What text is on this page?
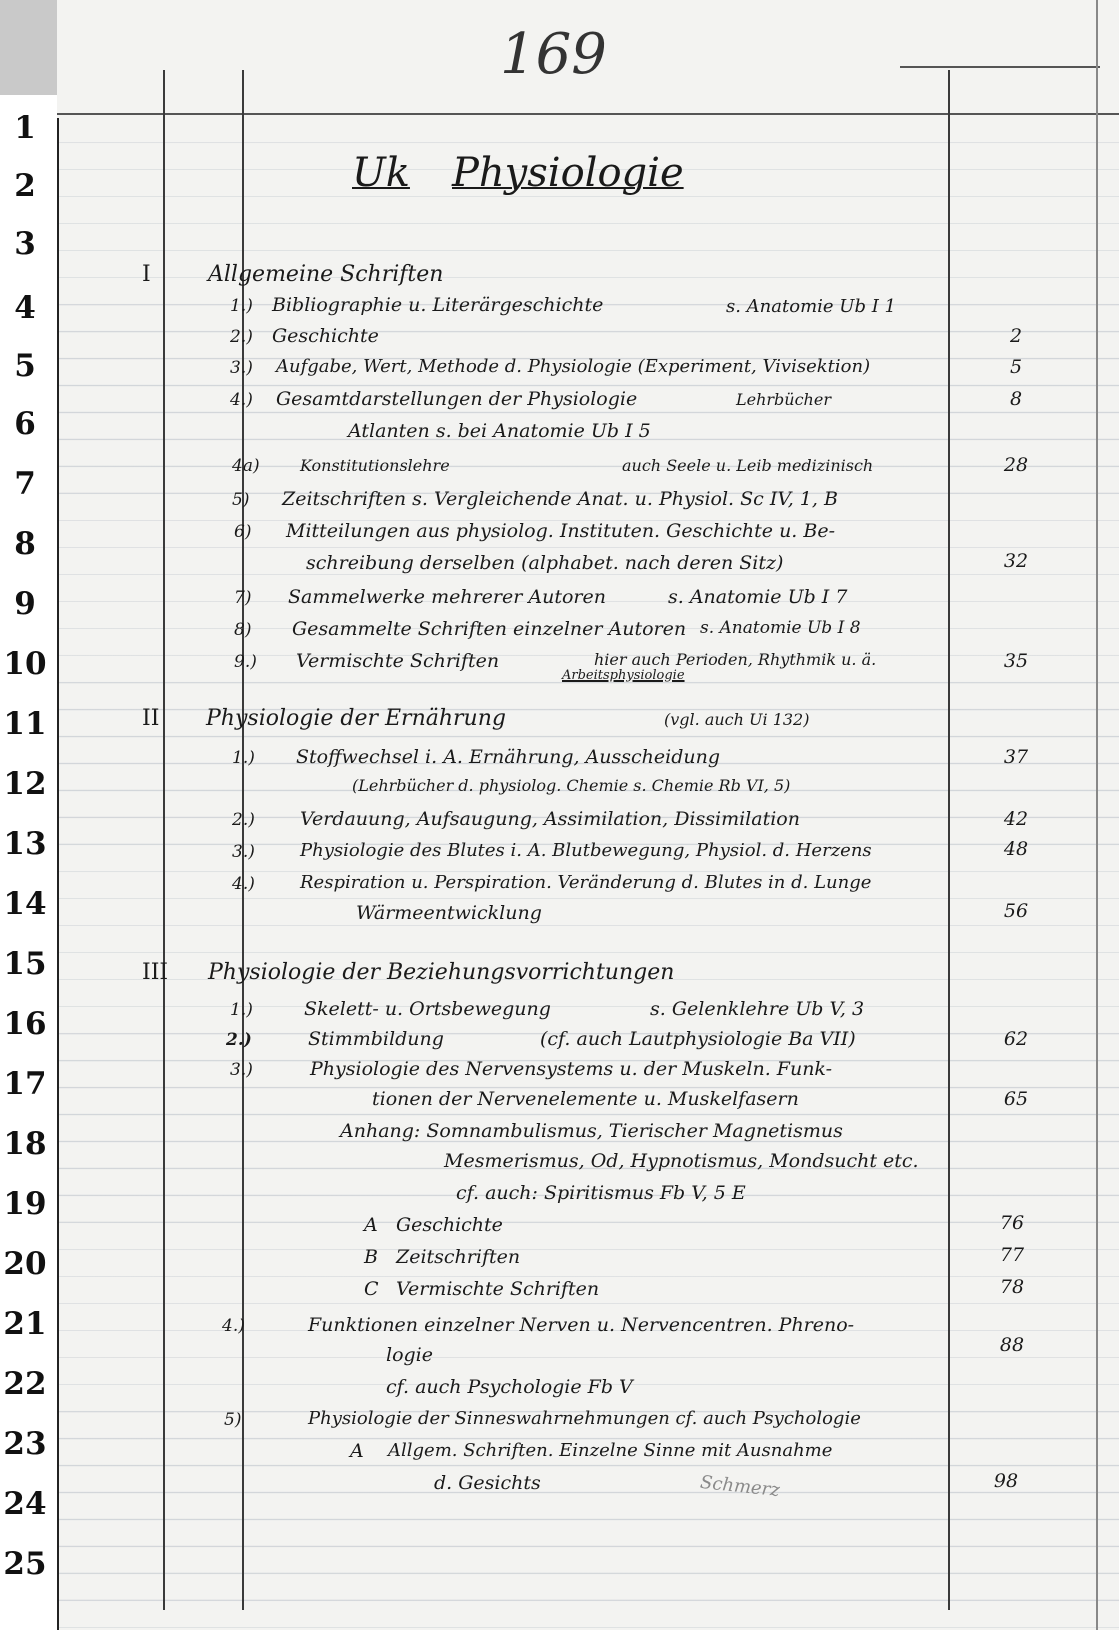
1
2
3
4
5
6
7
8
9
10
11
12
13
14
15
16
17
18
19
20
21
22
23
24
25
169
Uk Physiologie
I	Allgemeine Schriften
1.) Bibliographie u. Literärgeschichte	s. Anatomie Ub I 1
2.) Geschichte	2
3.) Aufgabe, Wert, Methode d. Physiologie (Experiment, Vivisektion)	5
4.) Gesamtdarstellungen der Physiologie	Lehrbücher	8
Atlanten s. bei Anatomie Ub I 5
4a)	Konstitutionslehre	auch Seele u. Leib medizinisch	28
5) Zeitschriften s. Vergleichende Anat. u. Physiol. Sc IV, 1, B
6) Mitteilungen aus physiolog. Instituten. Geschichte u. Be-
schreibung derselben (alphabet. nach deren Sitz)	32
7) Sammelwerke mehrerer Autoren	s. Anatomie Ub I 7
8) Gesammelte Schriften einzelner Autoren s. Anatomie Ub I 8
9.) Vermischte Schriften	hier auch Perioden, Rhythmik u. ä.	35
Arbeitsphysiologie
II Physiologie der Ernährung	(vgl. auch Ui 132)
1.) Stoffwechsel i. A. Ernährung, Ausscheidung	37
(Lehrbücher d. physiolog. Chemie s. Chemie Rb VI, 5)
2.) Verdauung, Aufsaugung, Assimilation, Dissimilation	42
3.)	Physiologie des Blutes i. A. Blutbewegung, Physiol. d. Herzens	48
4.)	Respiration u. Perspiration. Veränderung d. Blutes in d. Lunge
Wärmeentwicklung	56
III Physiologie der Beziehungsvorrichtungen
1.)	Skelett- u. Ortsbewegung	s. Gelenklehre Ub V, 3
2.)	Stimmbildung	(cf. auch Lautphysiologie Ba VII)	62
3.)	Physiologie des Nervensystems u. der Muskeln. Funk-
tionen der Nervenelemente u. Muskelfasern	65
Anhang: Somnambulismus, Tierischer Magnetismus
Mesmerismus, Od, Hypnotismus, Mondsucht etc.
cf. auch: Spiritismus Fb V, 5 E
A Geschichte	76
B Zeitschriften	77
C Vermischte Schriften	78
4.)	Funktionen einzelner Nerven u. Nervencentren. Phreno-
logie	88
cf. auch Psychologie Fb V
5)	Physiologie der Sinneswahrnehmungen cf. auch Psychologie
A Allgem. Schriften. Einzelne Sinne mit Ausnahme
d. Gesichts	98
Schmerz
